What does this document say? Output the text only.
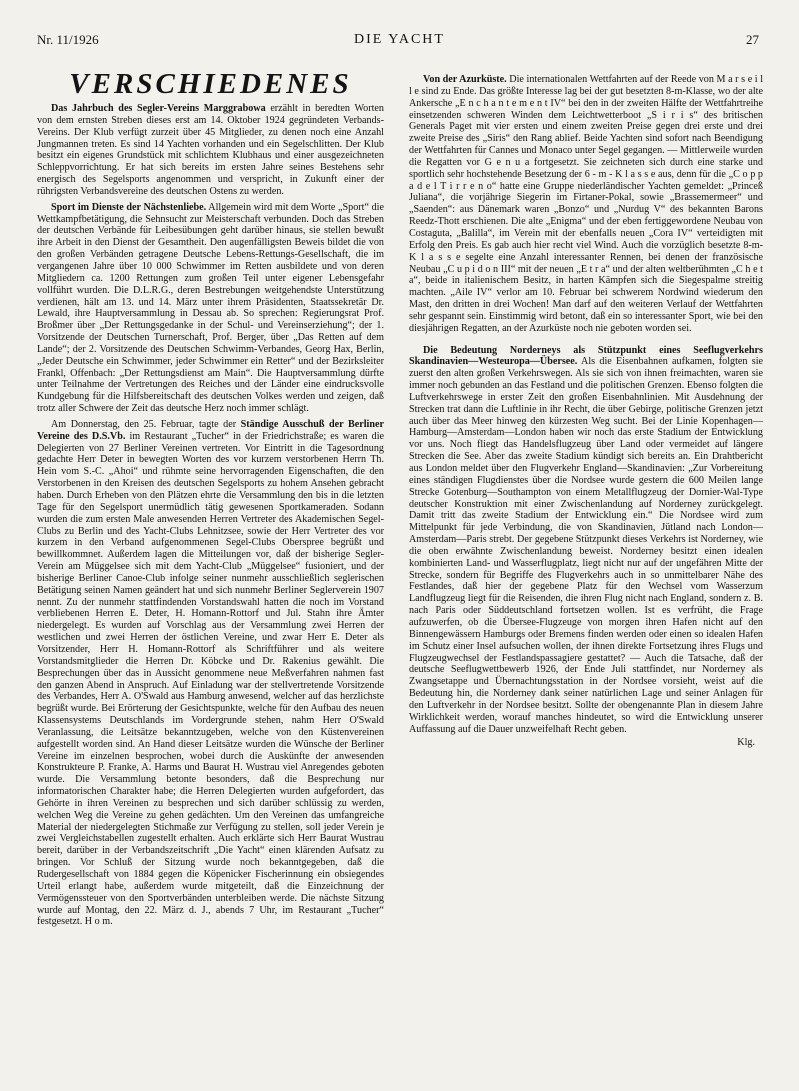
Nr. 11/1926	DIE YACHT	27
VERSCHIEDENES

Das Jahrbuch des Segler-Vereins Marggrabowa erzählt in beredten Worten von dem ernsten Streben dieses erst am 14. Oktober 1924 gegründeten Verbands-Vereins. Der Klub verfügt zurzeit über 45 Mitglieder, zu denen noch eine Anzahl Jungmannen treten. Es sind 14 Yachten vorhanden und ein Segelschlitten. Der Klub besitzt ein eigenes Grundstück mit schlichtem Klubhaus und einer ausgezeichneten Schleppvorrichtung. Er hat sich bereits im ersten Jahre seines Bestehens sehr energisch des Segelsports angenommen und verspricht, in Zukunft einer der rührigsten Verbandsvereine des deutschen Ostens zu werden.

Sport im Dienste der Nächstenliebe. Allgemein wird mit dem Worte „Sport“ die Wettkampfbetätigung, die Sehnsucht zur Meisterschaft verbunden. Doch das Streben der deutschen Verbände für Leibesübungen geht darüber hinaus, sie stellen bewußt ihre Arbeit in den Dienst der Gesamtheit. Den augenfälligsten Beweis bildet die von den großen Verbänden getragene Deutsche Lebens-Rettungs-Gesellschaft, die im vergangenen Jahre über 10 000 Schwimmer im Retten ausbildete und von deren Mitgliedern ca. 1200 Rettungen zum großen Teil unter eigener Lebensgefahr vollführt wurden. Die D.L.R.G., deren Bestrebungen weitgehendste Unterstützung verdienen, hält am 13. und 14. März unter ihrem Präsidenten, Staatssekretär Dr. Lewald, ihre Hauptversammlung in Dessau ab. So sprechen: Regierungsrat Prof. Broßmer über „Der Rettungsgedanke in der Schul- und Vereinserziehung“; der 1. Vorsitzende der Deutschen Turnerschaft, Prof. Berger, über „Das Retten auf dem Lande“; der 2. Vorsitzende des Deutschen Schwimm-Verbandes, Georg Hax, Berlin, „Jeder Deutsche ein Schwimmer, jeder Schwimmer ein Retter“ und der Bezirksleiter Frankl, Offenbach: „Der Rettungsdienst am Main“. Die Hauptversammlung dürfte unter Teilnahme der Vertretungen des Reiches und der Länder eine eindrucksvolle Kundgebung für die Hilfsbereitschaft des deutschen Volkes werden und zeigen, daß trotz aller Schwere der Zeit das deutsche Herz noch immer schlägt.

Am Donnerstag, den 25. Februar, tagte der Ständige Ausschuß der Berliner Vereine des D.S.Vb. im Restaurant „Tucher“ in der Friedrichstraße; es waren die Delegierten von 27 Berliner Vereinen vertreten. Vor Eintritt in die Tagesordnung gedachte Herr Deter in bewegten Worten des vor kurzem verstorbenen Herrn Th. Hein vom S.-C. „Ahoi“ und rühmte seine hervorragenden Eigenschaften, die den Verstorbenen in den Kreisen des deutschen Segelsports zu hohem Ansehen gebracht haben. Durch Erheben von den Plätzen ehrte die Versammlung den bis in die letzten Tage für den Segelsport unermüdlich tätig gewesenen Sportkameraden. Sodann wurden die zum ersten Male anwesenden Herren Vertreter des Akademischen Segel-Clubs zu Berlin und des Yacht-Clubs Lehnitzsee, sowie der Herr Vertreter des vor kurzem in den Verband aufgenommenen Segel-Clubs Oberspree begrüßt und bewillkommnet. Außerdem lagen die Mitteilungen vor, daß der bisherige Segler-Verein am Müggelsee sich mit dem Yacht-Club „Müggelsee“ fusioniert, und der bisherige Berliner Canoe-Club infolge seiner nunmehr ausschließlich seglerischen Betätigung seinen Namen geändert hat und sich nunmehr Berliner Seglerverein 1907 nennt. Zu der nunmehr stattfindenden Vorstandswahl hatten die noch im Vorstand verbliebenen Herren E. Deter, H. Homann-Rottorf und Jul. Stahn ihre Ämter niedergelegt. Es wurden auf Vorschlag aus der Versammlung zwei Herren der westlichen und zwei Herren der östlichen Vereine, und zwar Herr E. Deter als Vorsitzender, Herr H. Homann-Rottorf als Schriftführer und als weitere Vorstandsmitglieder die Herren Dr. Köbcke und Dr. Rakenius gewählt. Die Besprechungen über das in Aussicht genommene neue Meßverfahren nahmen fast den ganzen Abend in Anspruch. Auf Einladung war der stellvertretende Vorsitzende des Verbandes, Herr A. O'Swald aus Hamburg anwesend, welcher auf das herzlichste begrüßt wurde. Bei Erörterung der Gesichtspunkte, welche für den Aufbau des neuen Klassensystems Deutschlands im Vordergrunde stehen, nahm Herr O'Swald Veranlassung, die Leitsätze bekanntzugeben, welche von den Küstenvereinen aufgestellt worden sind. An Hand dieser Leitsätze wurden die Wünsche der Berliner Vereine im einzelnen besprochen, wobei durch die Auskünfte der anwesenden Konstrukteure P. Franke, A. Harms und Baurat H. Wustrau viel Anregendes geboten wurde. Die Versammlung betonte besonders, daß die Besprechung nur informatorischen Charakter habe; die Herren Delegierten wurden aufgefordert, das Gehörte in ihren Vereinen zu besprechen und sich darüber schlüssig zu werden, welchen Weg die Vereine zu gehen gedächten. Um den Vereinen das umfangreiche Material der niedergelegten Stichmaße zur Verfügung zu stellen, soll jeder Verein je zwei Vergleichstabellen zugestellt erhalten. Auch erklärte sich Herr Baurat Wustrau bereit, darüber in der Verbandszeitschrift „Die Yacht“ einen klärenden Aufsatz zu bringen. Vor Schluß der Sitzung wurde noch bekanntgegeben, daß die Rudergesellschaft von 1884 gegen die Köpenicker Fischerinnung ein obsiegendes Urteil erlangt habe, außerdem wurde mitgeteilt, daß die Einzeichnung der Vermögenssteuer von den Sportverbänden unterbleiben werde. Die nächste Sitzung wurde auf Montag, den 22. März d. J., abends 7 Uhr, im Restaurant „Tucher“ festgesetzt. H o m.

Von der Azurküste. Die internationalen Wettfahrten auf der Reede von M a r s e i l l e sind zu Ende. Das größte Interesse lag bei der gut besetzten 8-m-Klasse, wo der alte Ankersche „E n c h a n t e m e n t IV“ bei den in der zweiten Hälfte der Wettfahrtreihe einsetzenden schweren Winden dem Leichtwetterboot „S i r i s“ des britischen Generals Paget mit vier ersten und einem zweiten Preise gegen drei erste und drei zweite Preise des „Siris“ den Rang ablief. Beide Yachten sind sofort nach Beendigung der Wettfahrten für Cannes und Monaco unter Segel gegangen. — Mittlerweile wurden die Regatten vor G e n u a fortgesetzt. Sie zeichneten sich durch eine starke und sportlich sehr hochstehende Besetzung der 6 - m - K l a s s e aus, denn für die „C o p p a d e l T i r r e n o“ hatte eine Gruppe niederländischer Yachten gemeldet: „Princeß Juliana“, die vorjährige Siegerin im Firtaner-Pokal, sowie „Brassemermeer“ und „Saenden“: aus Dänemark waren „Bonzo“ und „Nurdug V“ des bekannten Barons Reedz-Thott erschienen. Die alte „Enigma“ und der eben fertiggewordene Neubau von Costaguta, „Balilla“, im Verein mit der ebenfalls neuen „Cora IV“ verteidigten mit Erfolg den Preis. Es gab auch hier recht viel Wind. Auch die vorzüglich besetzte 8-m-K l a s s e segelte eine Anzahl interessanter Rennen, bei denen der französische Neubau „C u p i d o n III“ mit der neuen „E t r a“ und der alten weltberühmten „C h e t a“, beide in italienischem Besitz, in harten Kämpfen sich die Siegespalme streitig machten. „Aile IV“ verlor am 10. Februar bei schwerem Nordwind wiederum den Mast, den dritten in drei Wochen! Man darf auf den weiteren Verlauf der Wettfahrten sehr gespannt sein. Einstimmig wird betont, daß ein so interessanter Sport, wie bei den diesjährigen Regatten, an der Azurküste noch nie geboten worden sei.

Die Bedeutung Norderneys als Stützpunkt eines Seeflugverkehrs Skandinavien—Westeuropa—Übersee. Als die Eisenbahnen aufkamen, folgten sie zuerst den alten großen Verkehrswegen. Als sie sich von ihnen freimachten, waren sie immer noch gebunden an das Festland und die politischen Grenzen. Ebenso folgten die Luftverkehrswege in erster Zeit den großen Eisenbahnlinien. Mit Ausdehnung der Strecken trat dann die Luftlinie in ihr Recht, die über Gebirge, politische Grenzen jetzt auch über das Meer hinweg den kürzesten Weg sucht. Bei der Linie Kopenhagen—Hamburg—Amsterdam—London haben wir noch das erste Stadium der Entwicklung vor uns. Noch fliegt das Handelsflugzeug über Land oder vermeidet auf längere Strecken die See. Aber das zweite Stadium kündigt sich bereits an. Ein Drahtbericht aus London meldet über den Flugverkehr England—Skandinavien: „Zur Vorbereitung eines ständigen Flugdienstes über die Nordsee wurde gestern die 600 Meilen lange Strecke Gotenburg—Southampton von einem Metallflugzeug der Dornier-Wal-Type deutscher Konstruktion mit einer Zwischenlandung auf Norderney zurückgelegt. Damit tritt das zweite Stadium der Entwicklung ein.“ Die Nordsee wird zum Mittelpunkt für jede Verbindung, die von Skandinavien, Jütland nach London—Amsterdam—Paris strebt. Der gegebene Stützpunkt dieses Verkehrs ist Norderney, wie die oben erwähnte Zwischenlandung beweist. Norderney besitzt einen idealen kombinierten Land- und Wasserflugplatz, liegt nicht nur auf der ungefähren Mitte der Strecke, sondern für Begriffe des Flugverkehrs auch in so unmittelbarer Nähe des Festlandes, daß hier der gegebene Platz für den Wechsel vom Wasserzum Landflugzeug liegt für die Reisenden, die ihren Flug nicht nach England, sondern z. B. nach Paris oder Süddeutschland fortsetzen wollen. Ist es verfrüht, die Frage aufzuwerfen, ob die Übersee-Flugzeuge von morgen ihren Hafen nicht auf den Binnengewässern Hamburgs oder Bremens finden werden oder einen so idealen Hafen im Schutz einer Insel aufsuchen wollen, der ihnen direkte Fortsetzung ihres Flugs und Flugzeugwechsel der Festlandspassagiere gestattet? — Auch die Tatsache, daß der deutsche Seeflugwettbewerb 1926, der Ende Juli stattfindet, nur Norderney als Zwangsetappe und Übernachtungsstation in der Nordsee vorsieht, weist auf die Bedeutung hin, die Norderney dank seiner natürlichen Lage und seiner Anlagen für den Luftverkehr in der Nordsee besitzt. Sollte der obengenannte Plan in diesem Jahre Wirklichkeit werden, worauf manches hindeutet, so wird die Entwicklung unserer Auffassung auf die Dauer unzweifelhaft Recht geben.

Klg.
